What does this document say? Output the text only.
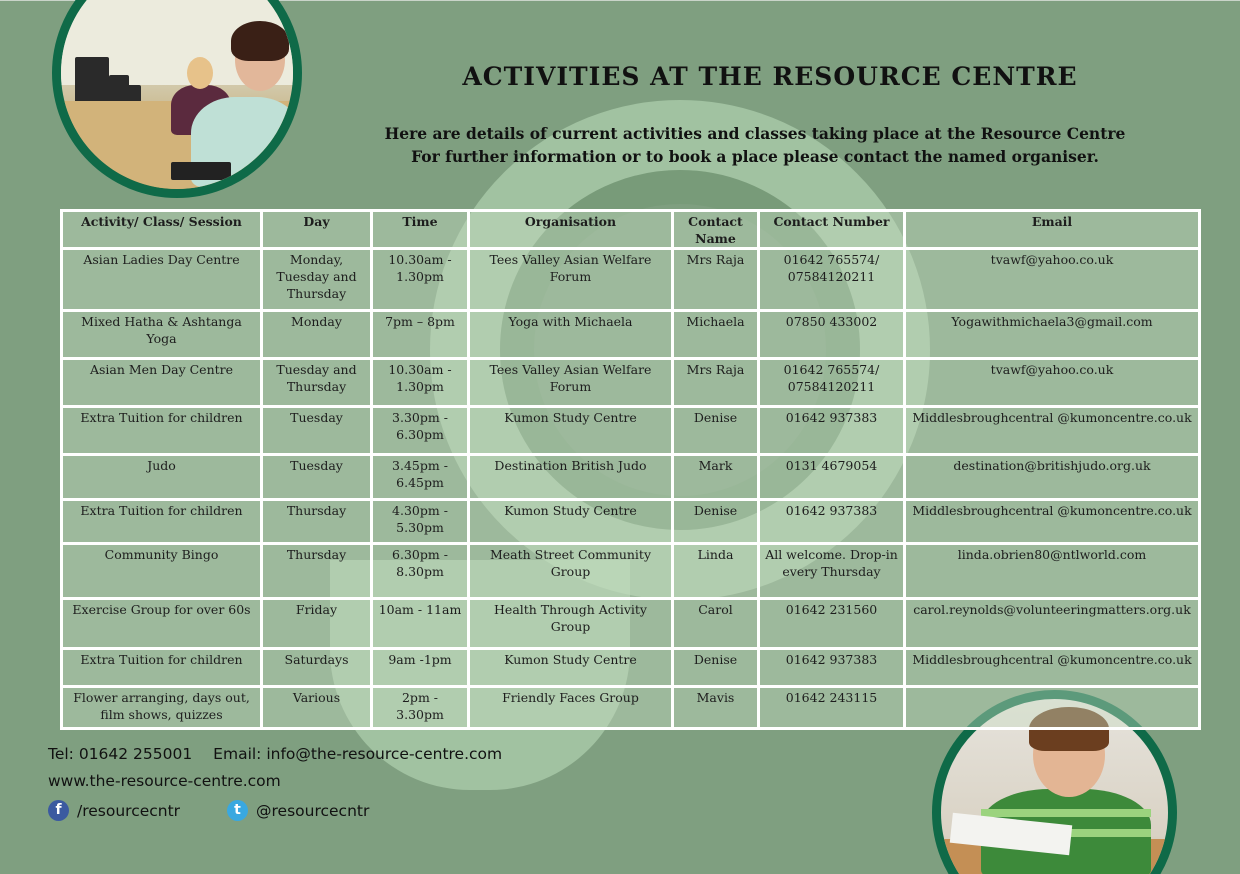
ACTIVITIES AT THE RESOURCE CENTRE
Here are details of current activities and classes taking place at the Resource Centre
For further information or to book a place please contact the named organiser.
Activity/ Class/ Session	Day	Time	Organisation	Contact Name	Contact Number	Email
Asian Ladies Day Centre	Monday, Tuesday and Thursday	10.30am - 1.30pm	Tees Valley Asian Welfare Forum	Mrs Raja	01642 765574/ 07584120211	tvawf@yahoo.co.uk
Mixed Hatha & Ashtanga Yoga	Monday	7pm – 8pm	Yoga with Michaela	Michaela	07850 433002	Yogawithmichaela3@gmail.com
Asian Men Day Centre	Tuesday and Thursday	10.30am - 1.30pm	Tees Valley Asian Welfare Forum	Mrs Raja	01642 765574/ 07584120211	tvawf@yahoo.co.uk
Extra Tuition for children	Tuesday	3.30pm - 6.30pm	Kumon Study Centre	Denise	01642 937383	Middlesbroughcentral @kumoncentre.co.uk
Judo	Tuesday	3.45pm - 6.45pm	Destination British Judo	Mark	0131 4679054	destination@britishjudo.org.uk
Extra Tuition for children	Thursday	4.30pm - 5.30pm	Kumon Study Centre	Denise	01642 937383	Middlesbroughcentral @kumoncentre.co.uk
Community Bingo	Thursday	6.30pm - 8.30pm	Meath Street Community Group	Linda	All welcome. Drop-in every Thursday	linda.obrien80@ntlworld.com
Exercise Group for over 60s	Friday	10am - 11am	Health Through Activity Group	Carol	01642 231560	carol.reynolds@volunteeringmatters.org.uk
Extra Tuition for children	Saturdays	9am -1pm	Kumon Study Centre	Denise	01642 937383	Middlesbroughcentral @kumoncentre.co.uk
Flower arranging, days out, film shows, quizzes	Various	2pm - 3.30pm	Friendly Faces Group	Mavis	01642 243115	
Tel: 01642 255001 Email: info@the-resource-centre.com
www.the-resource-centre.com
f /resourcecntr
	t @resourcecntr
